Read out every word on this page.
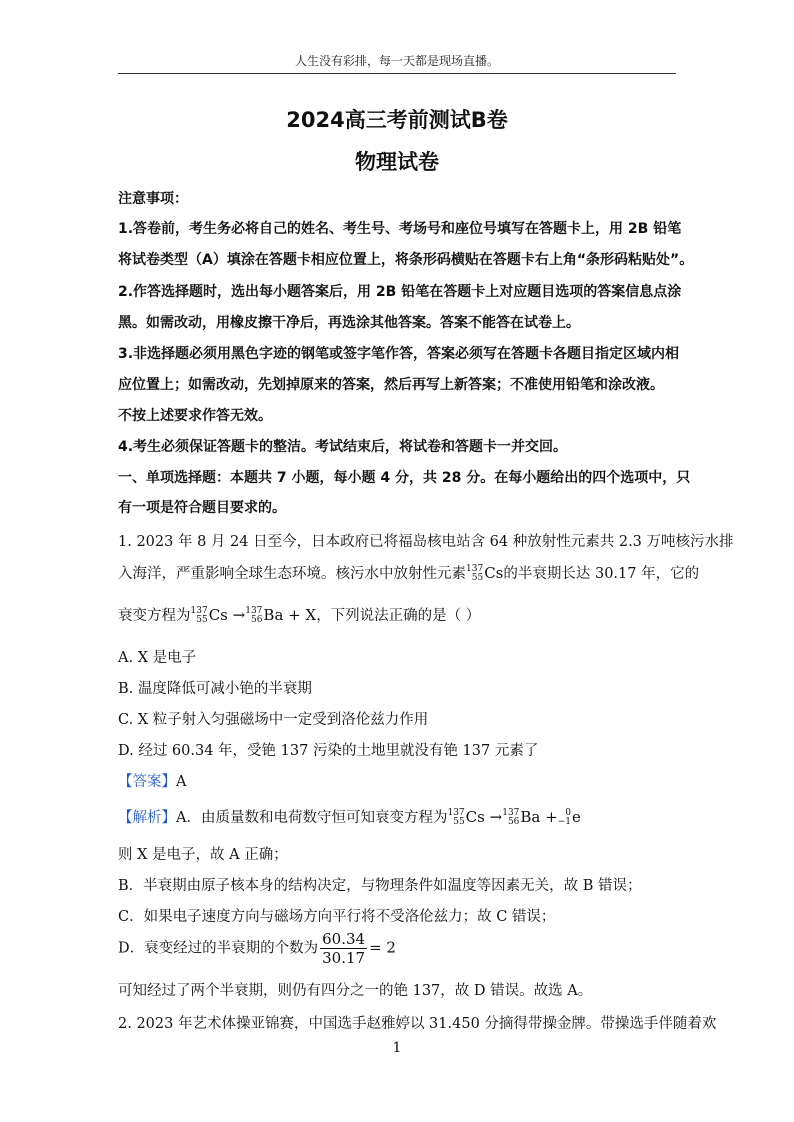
人生没有彩排，每一天都是现场直播。
2024高三考前测试B卷
物理试卷
注意事项：
1.答卷前，考生务必将自己的姓名、考生号、考场号和座位号填写在答题卡上，用 2B 铅笔
将试卷类型（A）填涂在答题卡相应位置上，将条形码横贴在答题卡右上角“条形码粘贴处”。
2.作答选择题时，选出每小题答案后，用 2B 铅笔在答题卡上对应题目选项的答案信息点涂
黑。如需改动，用橡皮擦干净后，再选涂其他答案。答案不能答在试卷上。
3.非选择题必须用黑色字迹的钢笔或签字笔作答，答案必须写在答题卡各题目指定区域内相
应位置上；如需改动，先划掉原来的答案，然后再写上新答案；不准使用铅笔和涂改液。
不按上述要求作答无效。
4.考生必须保证答题卡的整洁。考试结束后，将试卷和答题卡一并交回。
一、单项选择题：本题共 7 小题，每小题 4 分，共 28 分。在每小题给出的四个选项中，只
有一项是符合题目要求的。
1. 2023 年 8 月 24 日至今，日本政府已将福岛核电站含 64 种放射性元素共 2.3 万吨核污水排
入海洋，严重影响全球生态环境。核污水中放射性元素 137
55 Cs的半衰期长达 30.17 年，它的
衰变方程为 137
55 Cs → 137
56 Ba + X，下列说法正确的是（ ）
A. X 是电子
B. 温度降低可减小铯的半衰期
C. X 粒子射入匀强磁场中一定受到洛伦兹力作用
D. 经过 60.34 年，受铯 137 污染的土地里就没有铯 137 元素了
【答案】A
【解析】A．由质量数和电荷数守恒可知衰变方程为 137
55 Cs → 137
56 Ba + 0
−1 e
则 X 是电子，故 A 正确；
B．半衰期由原子核本身的结构决定，与物理条件如温度等因素无关，故 B 错误；
C．如果电子速度方向与磁场方向平行将不受洛伦兹力；故 C 错误；
D．衰变经过的半衰期的个数为 $\frac{60.34}{30.17} = 2$
可知经过了两个半衰期，则仍有四分之一的铯 137，故 D 错误。故选 A。
2. 2023 年艺术体操亚锦赛，中国选手赵雅婷以 31.450 分摘得带操金牌。带操选手伴随着欢
1
